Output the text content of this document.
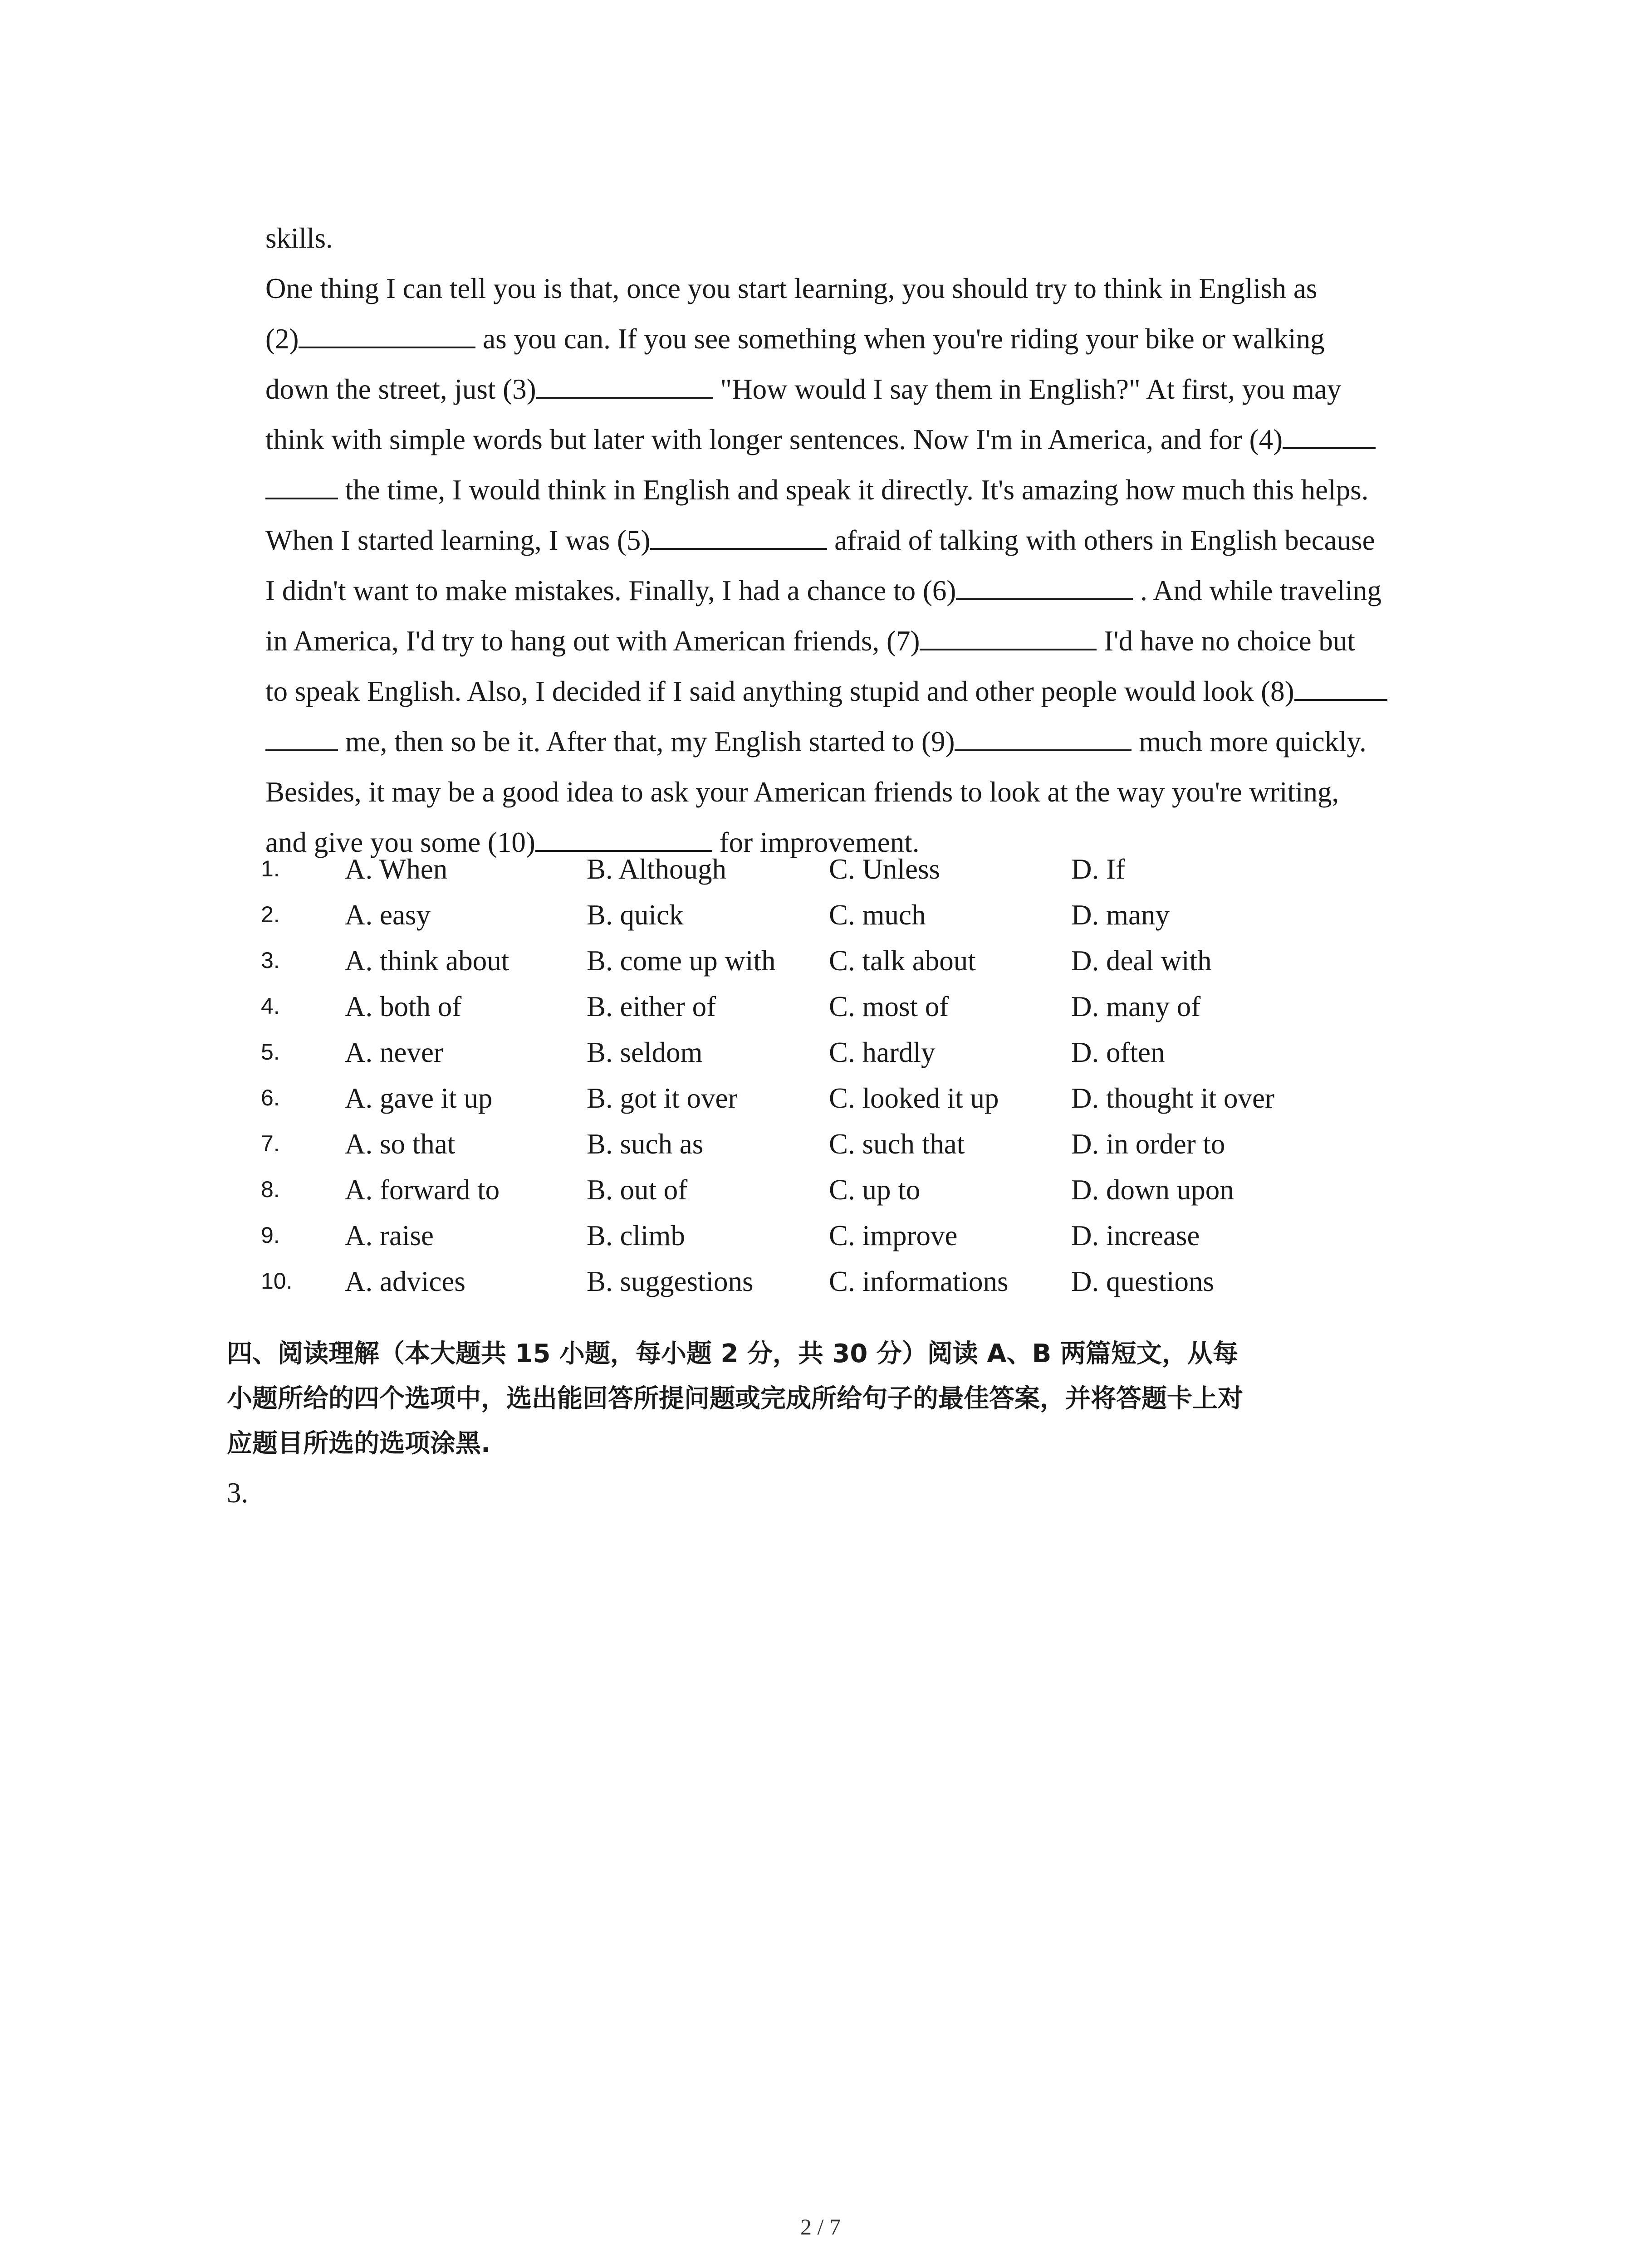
skills.
One thing I can tell you is that, once you start learning, you should try to think in English as
(2)	as you can. If you see something when you're riding your bike or walking
down the street, just (3)	"How would I say them in English?" At first, you may
think with simple words but later with longer sentences. Now I'm in America, and for (4)
the time, I would think in English and speak it directly. It's amazing how much this helps.
When I started learning, I was (5)	afraid of talking with others in English because
I didn't want to make mistakes. Finally, I had a chance to (6)	. And while traveling
in America, I'd try to hang out with American friends, (7)	I'd have no choice but
to speak English. Also, I decided if I said anything stupid and other people would look (8)
me, then so be it. After that, my English started to (9)	much more quickly.
Besides, it may be a good idea to ask your American friends to look at the way you're writing,
and give you some (10)	for improvement.
1. A. When	B. Although	C. Unless	D. If
2. A. easy	B. quick	C. much	D. many
3. A. think about	B. come up with C. talk about	D. deal with
4. A. both of	B. either of	C. most of	D. many of
5. A. never	B. seldom	C. hardly	D. often
6. A. gave it up	B. got it over	C. looked it up	D. thought it over
7. A. so that	B. such as	C. such that	D. in order to
8. A. forward to	B. out of	C. up to	D. down upon
9. A. raise	B. climb	C. improve	D. increase
10. A. advices	B. suggestions	C. informations D. questions
四、阅读理解（本大题共 15 小题，每小题 2 分，共 30 分）阅读 A、B 两篇短文，从每
小题所给的四个选项中，选出能回答所提问题或完成所给句子的最佳答案，并将答题卡上对
应题目所选的选项涂黑.
3.
2 / 7
